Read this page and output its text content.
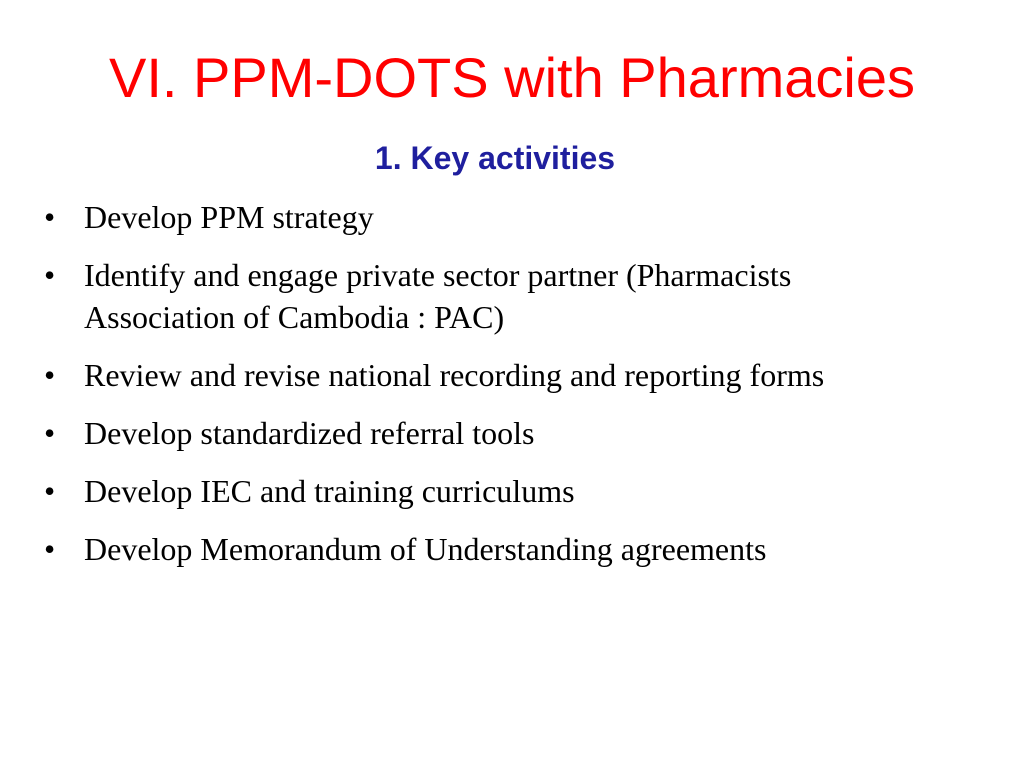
VI. PPM-DOTS with Pharmacies
1. Key activities
• Develop PPM strategy
• Identify and engage private sector partner (Pharmacists Association of Cambodia : PAC)
• Review and revise national recording and reporting forms
• Develop standardized referral tools
• Develop IEC and training curriculums
• Develop Memorandum of Understanding agreements
